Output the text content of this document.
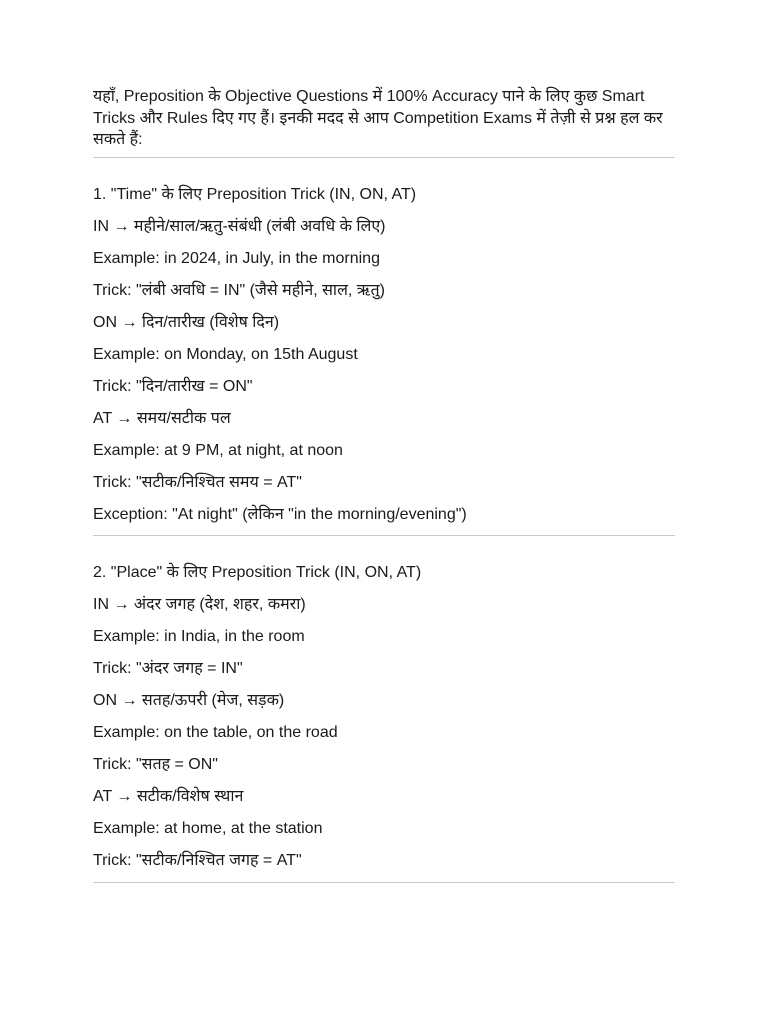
यहाँ, Preposition के Objective Questions में 100% Accuracy पाने के लिए कुछ Smart Tricks और Rules दिए गए हैं। इनकी मदद से आप Competition Exams में तेज़ी से प्रश्न हल कर सकते हैं:

1. "Time" के लिए Preposition Trick (IN, ON, AT)

IN → महीने/साल/ऋतु-संबंधी (लंबी अवधि के लिए)

Example: in 2024, in July, in the morning

Trick: "लंबी अवधि = IN" (जैसे महीने, साल, ऋतु)

ON → दिन/तारीख (विशेष दिन)

Example: on Monday, on 15th August

Trick: "दिन/तारीख = ON"

AT → समय/सटीक पल

Example: at 9 PM, at night, at noon

Trick: "सटीक/निश्चित समय = AT"

Exception: "At night" (लेकिन "in the morning/evening")

2. "Place" के लिए Preposition Trick (IN, ON, AT)

IN → अंदर जगह (देश, शहर, कमरा)

Example: in India, in the room

Trick: "अंदर जगह = IN"

ON → सतह/ऊपरी (मेज, सड़क)

Example: on the table, on the road

Trick: "सतह = ON"

AT → सटीक/विशेष स्थान

Example: at home, at the station

Trick: "सटीक/निश्चित जगह = AT"
